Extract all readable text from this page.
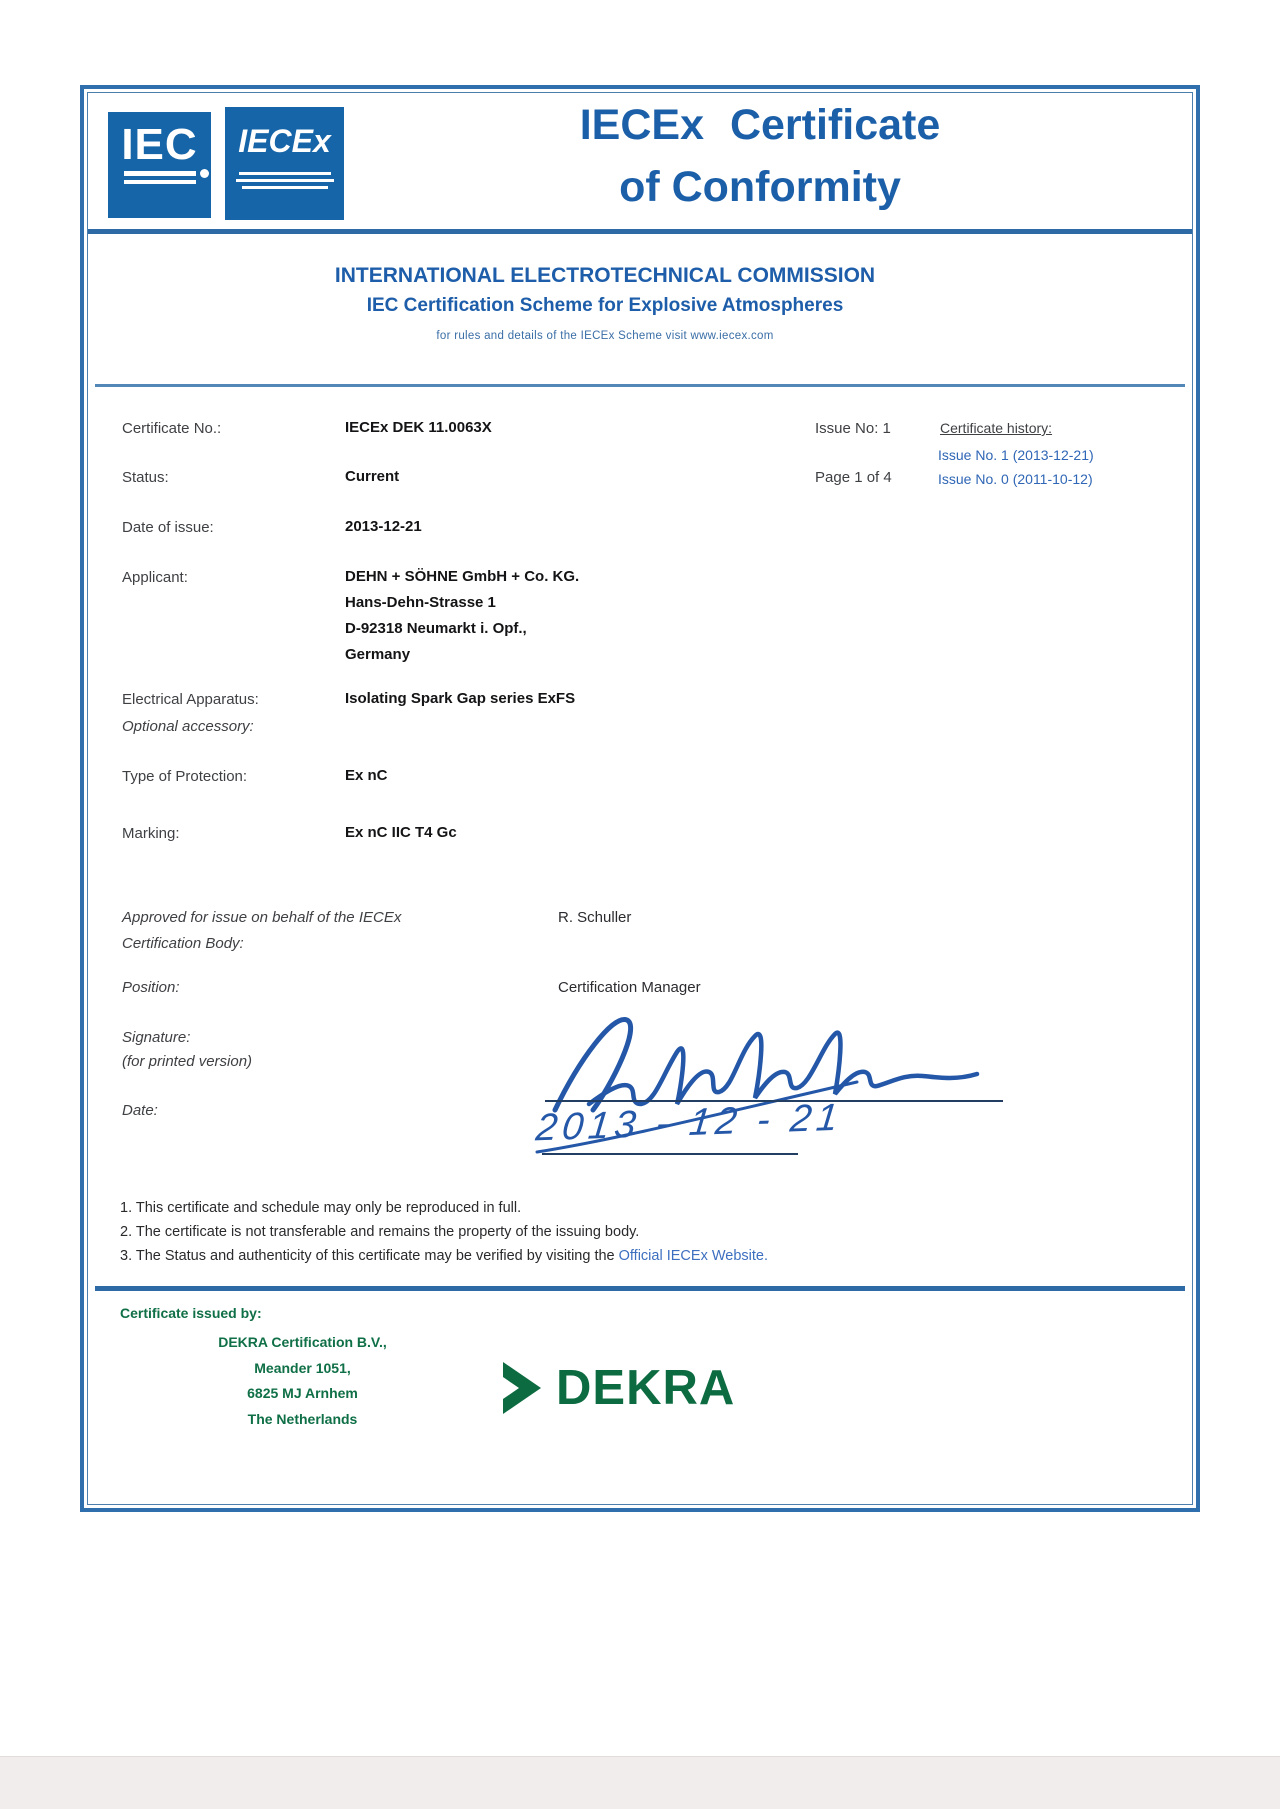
IEC IECEx	IECEx Certificate
of Conformity
INTERNATIONAL ELECTROTECHNICAL COMMISSION
IEC Certification Scheme for Explosive Atmospheres
for rules and details of the IECEx Scheme visit www.iecex.com
Certificate No.:	IECEx DEK 11.0063X	Issue No: 1	Certificate history:
Issue No. 1 (2013-12-21)
Status:	Current	Page 1 of 4	Issue No. 0 (2011-10-12)
Date of issue:	2013-12-21
Applicant:	DEHN + SÖHNE GmbH + Co. KG.
Hans-Dehn-Strasse 1
D-92318 Neumarkt i. Opf.,
Germany
Electrical Apparatus:	Isolating Spark Gap series ExFS
Optional accessory:
Type of Protection:	Ex nC
Marking:	Ex nC IIC T4 Gc
Approved for issue on behalf of the IECEx
Certification Body:
R. Schuller
Position:	Certification Manager
Signature:
(for printed version)
Date:	2013 - 12 - 21
1. This certificate and schedule may only be reproduced in full.
2. The certificate is not transferable and remains the property of the issuing body.
3. The Status and authenticity of this certificate may be verified by visiting the Official IECEx Website.
Certificate issued by:
DEKRA Certification B.V.,
Meander 1051,
6825 MJ Arnhem
The Netherlands
DEKRA
